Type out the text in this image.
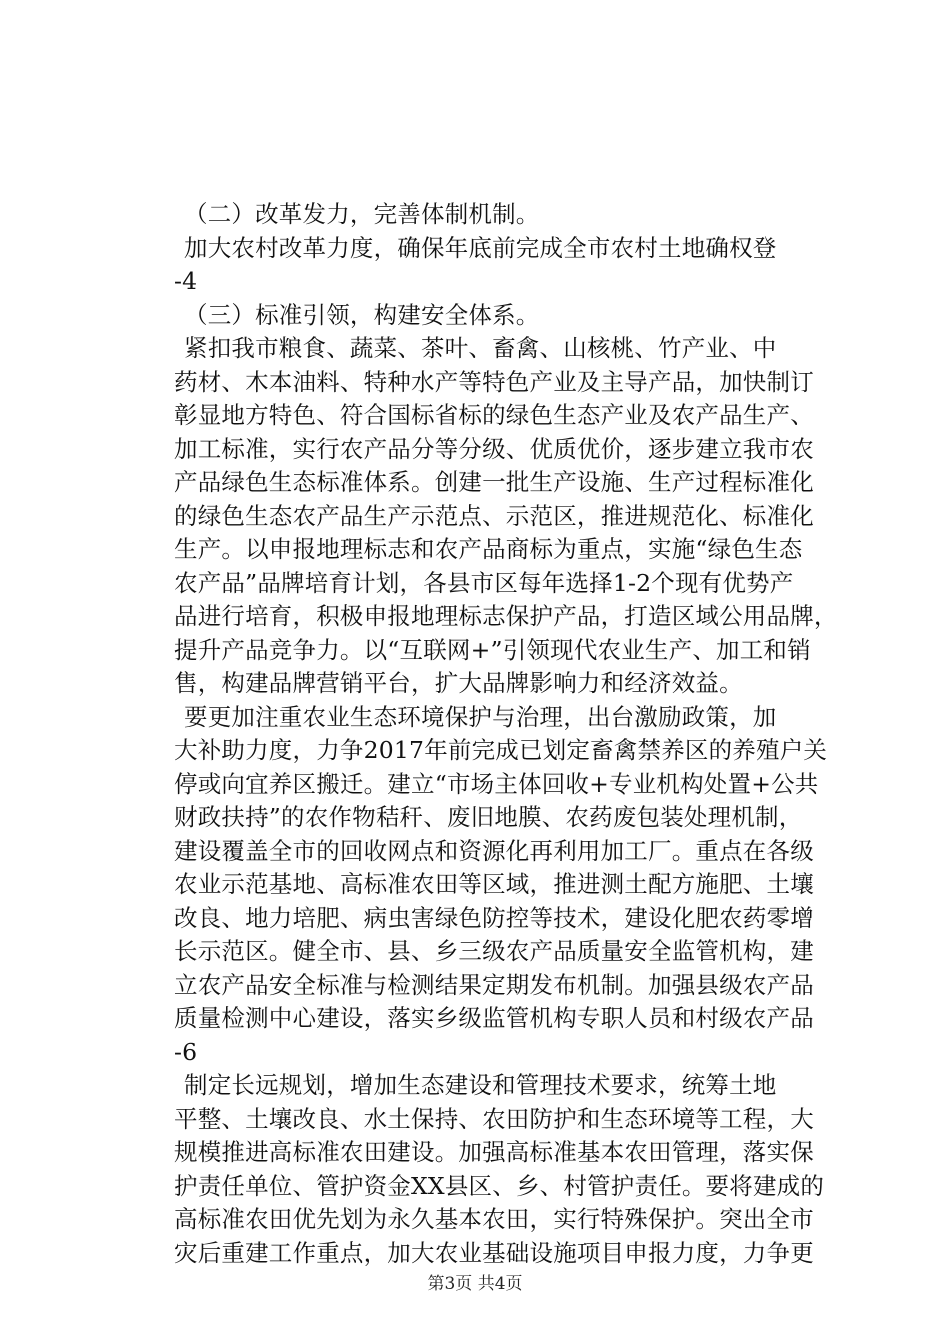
（二）改革发力，完善体制机制。
加大农村改革力度，确保年底前完成全市农村土地确权登
-4
（三）标准引领，构建安全体系。
紧扣我市粮食、蔬菜、茶叶、畜禽、山核桃、竹产业、中
药材、木本油料、特种水产等特色产业及主导产品，加快制订
彰显地方特色、符合国标省标的绿色生态产业及农产品生产、
加工标准，实行农产品分等分级、优质优价，逐步建立我市农
产品绿色生态标准体系。创建一批生产设施、生产过程标准化
的绿色生态农产品生产示范点、示范区，推进规范化、标准化
生产。以申报地理标志和农产品商标为重点，实施“绿色生态
农产品”品牌培育计划，各县市区每年选择1-2个现有优势产
品进行培育，积极申报地理标志保护产品，打造区域公用品牌，
提升产品竞争力。以“互联网+”引领现代农业生产、加工和销
售，构建品牌营销平台，扩大品牌影响力和经济效益。
要更加注重农业生态环境保护与治理，出台激励政策，加
大补助力度，力争2017年前完成已划定畜禽禁养区的养殖户关
停或向宜养区搬迁。建立“市场主体回收+专业机构处置+公共
财政扶持”的农作物秸秆、废旧地膜、农药废包装处理机制，
建设覆盖全市的回收网点和资源化再利用加工厂。重点在各级
农业示范基地、高标准农田等区域，推进测土配方施肥、土壤
改良、地力培肥、病虫害绿色防控等技术，建设化肥农药零增
长示范区。健全市、县、乡三级农产品质量安全监管机构，建
立农产品安全标准与检测结果定期发布机制。加强县级农产品
质量检测中心建设，落实乡级监管机构专职人员和村级农产品
-6
制定长远规划，增加生态建设和管理技术要求，统筹土地
平整、土壤改良、水土保持、农田防护和生态环境等工程，大
规模推进高标准农田建设。加强高标准基本农田管理，落实保
护责任单位、管护资金XX县区、乡、村管护责任。要将建成的
高标准农田优先划为永久基本农田，实行特殊保护。突出全市
灾后重建工作重点，加大农业基础设施项目申报力度，力争更
第3页 共4页
